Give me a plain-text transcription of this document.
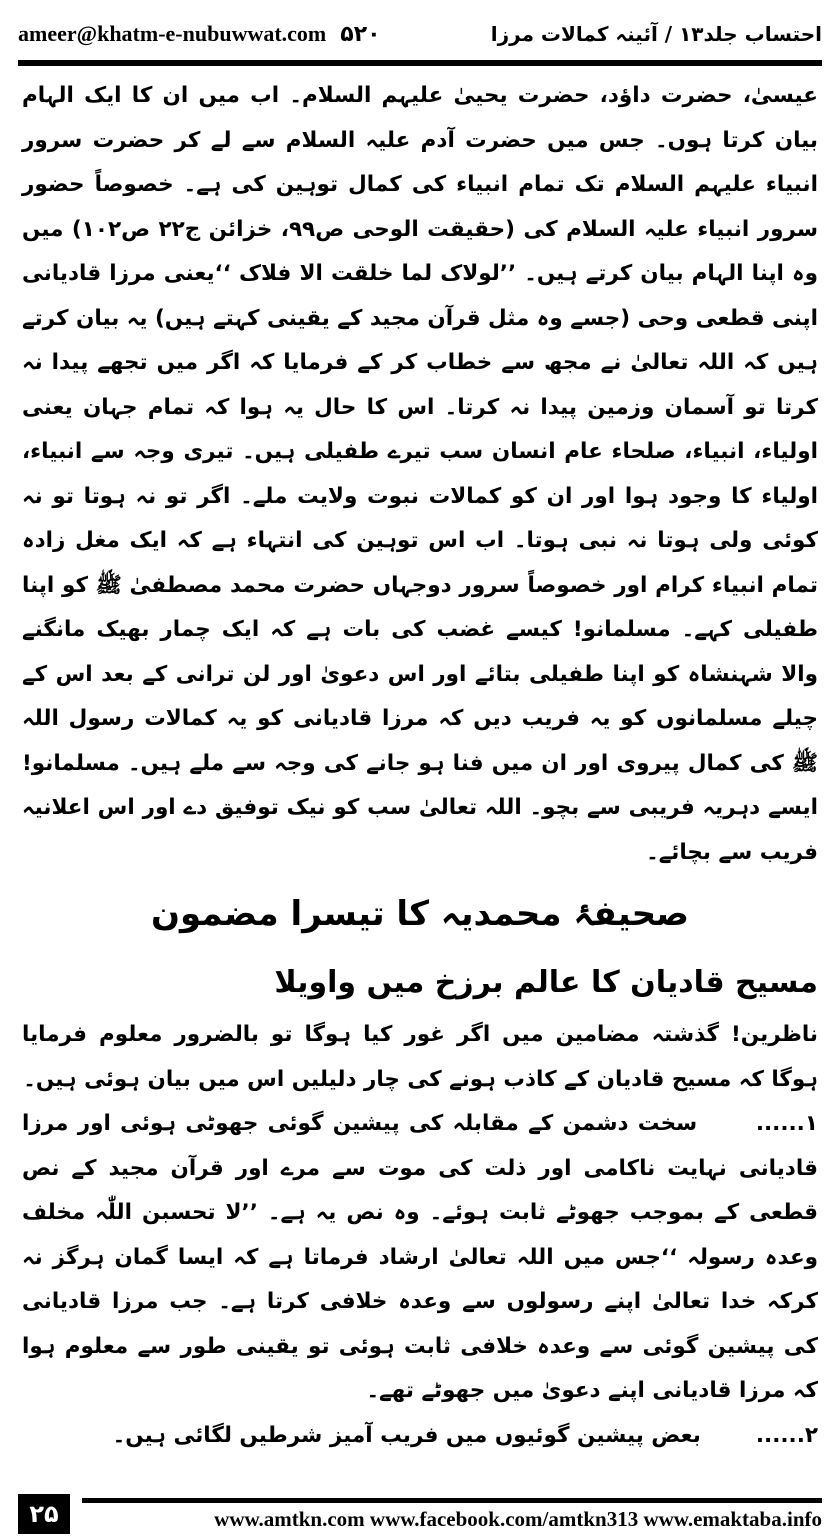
ameer@khatm-e-nubuwwat.com ۵۲۰	احتساب جلد۱۳ / آئینہ کمالات مرزا

عیسیٰ، حضرت داؤد، حضرت یحییٰ علیہم السلام۔ اب میں ان کا ایک الہام بیان کرتا ہوں۔ جس میں حضرت آدم علیہ السلام سے لے کر حضرت سرور انبیاء علیہم السلام تک تمام انبیاء کی کمال توہین کی ہے۔ خصوصاً حضور سرور انبیاء علیہ السلام کی (حقیقت الوحی ص۹۹، خزائن ج۲۲ ص۱۰۲) میں وہ اپنا الہام بیان کرتے ہیں۔ ’’لولاک لما خلقت الا فلاک ‘‘یعنی مرزا قادیانی اپنی قطعی وحی (جسے وہ مثل قرآن مجید کے یقینی کہتے ہیں) یہ بیان کرتے ہیں کہ اللہ تعالیٰ نے مجھ سے خطاب کر کے فرمایا کہ اگر میں تجھے پیدا نہ کرتا تو آسمان وزمین پیدا نہ کرتا۔ اس کا حال یہ ہوا کہ تمام جہان یعنی اولیاء، انبیاء، صلحاء عام انسان سب تیرے طفیلی ہیں۔ تیری وجہ سے انبیاء، اولیاء کا وجود ہوا اور ان کو کمالات نبوت ولایت ملے۔ اگر تو نہ ہوتا تو نہ کوئی ولی ہوتا نہ نبی ہوتا۔ اب اس توہین کی انتہاء ہے کہ ایک مغل زادہ تمام انبیاء کرام اور خصوصاً سرور دوجہاں حضرت محمد مصطفیٰ ﷺ کو اپنا طفیلی کہے۔ مسلمانو! کیسے غضب کی بات ہے کہ ایک چمار بھیک مانگنے والا شہنشاہ کو اپنا طفیلی بتائے اور اس دعویٰ اور لن ترانی کے بعد اس کے چیلے مسلمانوں کو یہ فریب دیں کہ مرزا قادیانی کو یہ کمالات رسول اللہ ﷺ کی کمال پیروی اور ان میں فنا ہو جانے کی وجہ سے ملے ہیں۔ مسلمانو! ایسے دہریہ فریبی سے بچو۔ اللہ تعالیٰ سب کو نیک توفیق دے اور اس اعلانیہ فریب سے بچائے۔

صحیفۂ محمدیہ کا تیسرا مضمون
مسیح قادیان کا عالم برزخ میں واویلا

ناظرین! گذشتہ مضامین میں اگر غور کیا ہوگا تو بالضرور معلوم فرمایا ہوگا کہ مسیح قادیان کے کاذب ہونے کی چار دلیلیں اس میں بیان ہوئی ہیں۔

۱......  سخت دشمن کے مقابلہ کی پیشین گوئی جھوٹی ہوئی اور مرزا قادیانی نہایت ناکامی اور ذلت کی موت سے مرے اور قرآن مجید کے نص قطعی کے بموجب جھوٹے ثابت ہوئے۔ وہ نص یہ ہے۔ ’’لا تحسبن اللّٰہ مخلف وعدہ رسولہ ‘‘جس میں اللہ تعالیٰ ارشاد فرماتا ہے کہ ایسا گمان ہرگز نہ کرکہ خدا تعالیٰ اپنے رسولوں سے وعدہ خلافی کرتا ہے۔ جب مرزا قادیانی کی پیشین گوئی سے وعدہ خلافی ثابت ہوئی تو یقینی طور سے معلوم ہوا کہ مرزا قادیانی اپنے دعویٰ میں جھوٹے تھے۔

۲......  بعض پیشین گوئیوں میں فریب آمیز شرطیں لگائی ہیں۔

۲۵	www.amtkn.com www.facebook.com/amtkn313 www.emaktaba.info
